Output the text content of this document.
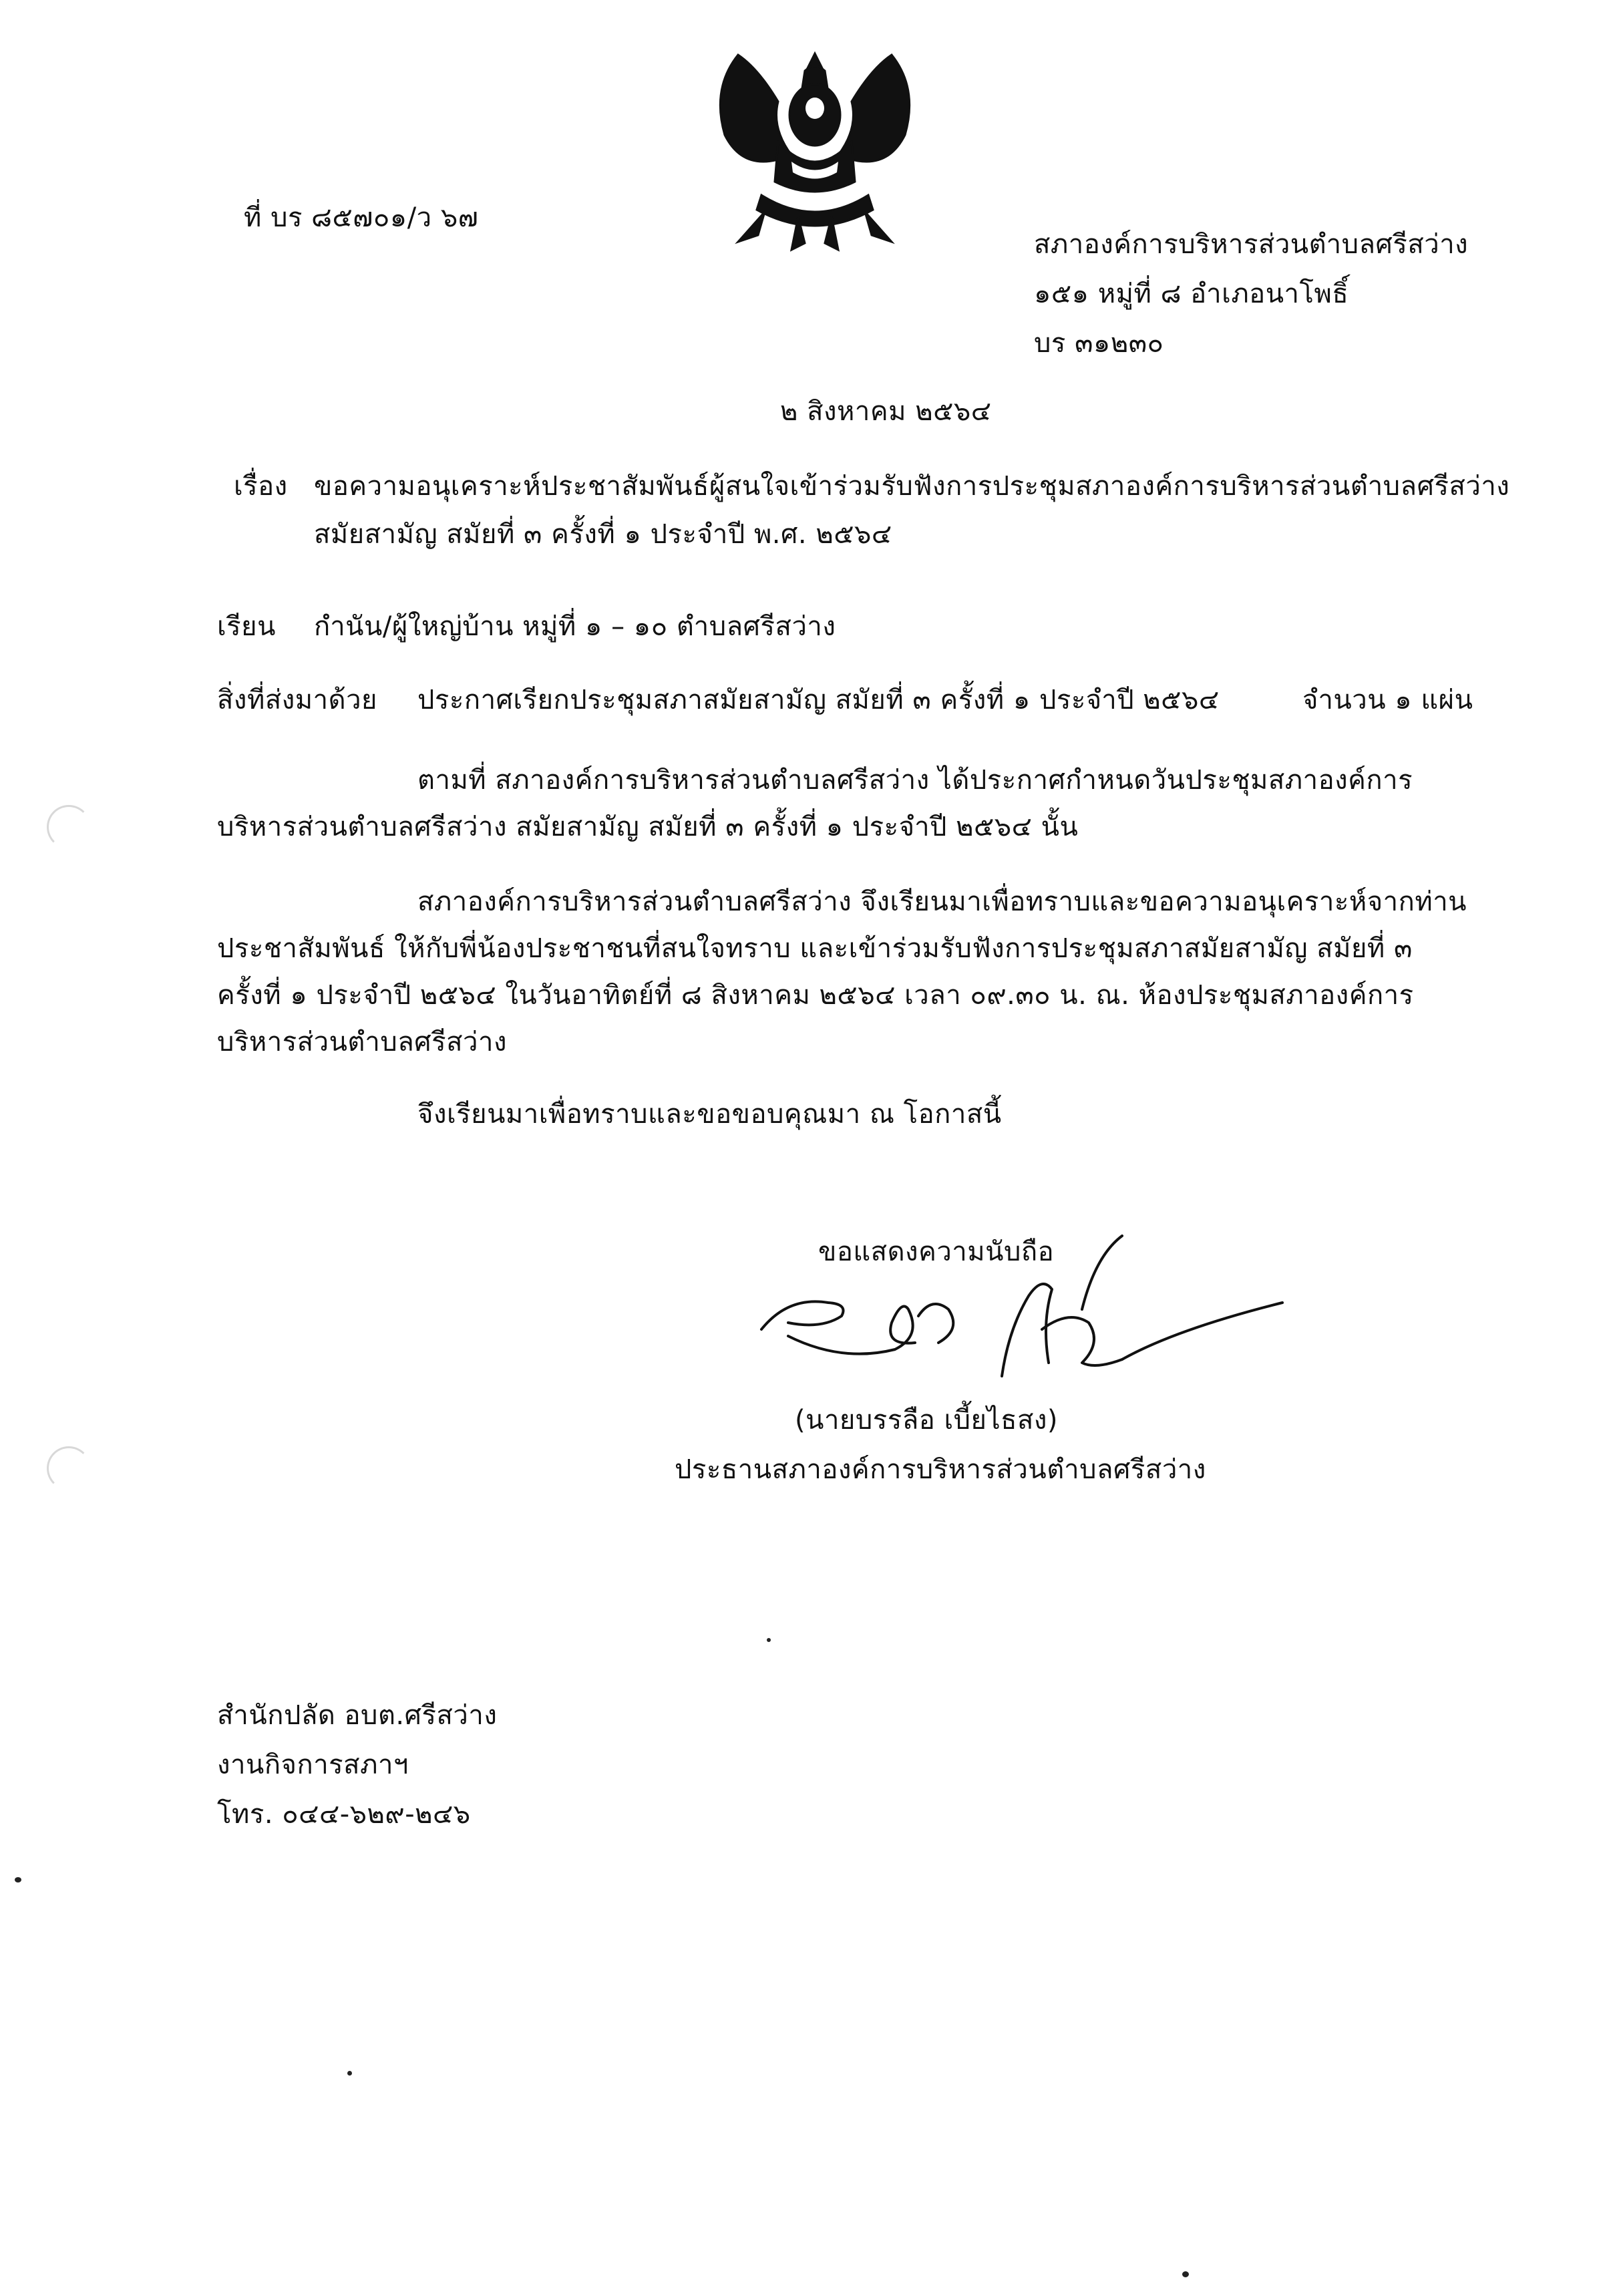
ที่ บร ๘๕๗๐๑/ว ๖๗
สภาองค์การบริหารส่วนตำบลศรีสว่าง
๑๕๑ หมู่ที่ ๘ อำเภอนาโพธิ์
บร ๓๑๒๓๐
๒ สิงหาคม ๒๕๖๔
เรื่อง ขอความอนุเคราะห์ประชาสัมพันธ์ผู้สนใจเข้าร่วมรับฟังการประชุมสภาองค์การบริหารส่วนตำบลศรีสว่าง
สมัยสามัญ สมัยที่ ๓ ครั้งที่ ๑ ประจำปี พ.ศ. ๒๕๖๔
เรียน กำนัน/ผู้ใหญ่บ้าน หมู่ที่ ๑ – ๑๐ ตำบลศรีสว่าง
สิ่งที่ส่งมาด้วย ประกาศเรียกประชุมสภาสมัยสามัญ สมัยที่ ๓ ครั้งที่ ๑ ประจำปี ๒๕๖๔	จำนวน ๑ แผ่น
ตามที่ สภาองค์การบริหารส่วนตำบลศรีสว่าง ได้ประกาศกำหนดวันประชุมสภาองค์การ
บริหารส่วนตำบลศรีสว่าง สมัยสามัญ สมัยที่ ๓ ครั้งที่ ๑ ประจำปี ๒๕๖๔ นั้น
สภาองค์การบริหารส่วนตำบลศรีสว่าง จึงเรียนมาเพื่อทราบและขอความอนุเคราะห์จากท่าน
ประชาสัมพันธ์ ให้กับพี่น้องประชาชนที่สนใจทราบ และเข้าร่วมรับฟังการประชุมสภาสมัยสามัญ สมัยที่ ๓
ครั้งที่ ๑ ประจำปี ๒๕๖๔ ในวันอาทิตย์ที่ ๘ สิงหาคม ๒๕๖๔ เวลา ๐๙.๓๐ น. ณ. ห้องประชุมสภาองค์การ
บริหารส่วนตำบลศรีสว่าง
จึงเรียนมาเพื่อทราบและขอขอบคุณมา ณ โอกาสนี้
ขอแสดงความนับถือ
(นายบรรลือ เบี้ยไธสง)
ประธานสภาองค์การบริหารส่วนตำบลศรีสว่าง
สำนักปลัด อบต.ศรีสว่าง
งานกิจการสภาฯ
โทร. ๐๔๔-๖๒๙-๒๔๖
